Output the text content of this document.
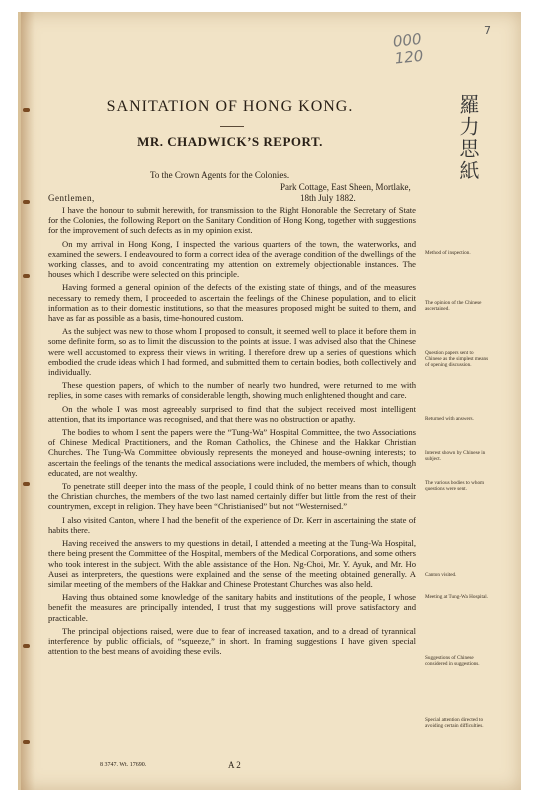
000
120
7
羅力思紙
SANITATION OF HONG KONG.
MR. CHADWICK’S REPORT.
To the Crown Agents for the Colonies.
Park Cottage, East Sheen, Mortlake,
18th July 1882.
Gentlemen,

I have the honour to submit herewith, for transmission to the Right Honorable the Secretary of State for the Colonies, the following Report on the Sanitary Condition of Hong Kong, together with suggestions for the improvement of such defects as in my opinion exist.

On my arrival in Hong Kong, I inspected the various quarters of the town, the waterworks, and examined the sewers. I endeavoured to form a correct idea of the average condition of the dwellings of the working classes, and to avoid concentrating my attention on extremely objectionable instances. The houses which I describe were selected on this principle.

Having formed a general opinion of the defects of the existing state of things, and of the measures necessary to remedy them, I proceeded to ascertain the feelings of the Chinese population, and to elicit information as to their domestic institutions, so that the measures proposed might be suited to them, and have as far as possible as a basis, time-honoured custom.

As the subject was new to those whom I proposed to consult, it seemed well to place it before them in some definite form, so as to limit the discussion to the points at issue. I was advised also that the Chinese were well accustomed to express their views in writing. I therefore drew up a series of questions which embodied the crude ideas which I had formed, and submitted them to certain bodies, both collectively and individually.

These question papers, of which to the number of nearly two hundred, were returned to me with replies, in some cases with remarks of considerable length, showing much enlightened thought and care.

On the whole I was most agreeably surprised to find that the subject received most intelligent attention, that its importance was recognised, and that there was no obstruction or apathy.

The bodies to whom I sent the papers were the “Tung-Wa” Hospital Committee, the two Associations of Chinese Medical Practitioners, and the Roman Catholics, the Chinese and the Hakkar Christian Churches. The Tung-Wa Committee obviously represents the moneyed and house-owning interests; to ascertain the feelings of the tenants the medical associations were included, the members of which, though educated, are not wealthy.

To penetrate still deeper into the mass of the people, I could think of no better means than to consult the Christian churches, the members of the two last named certainly differ but little from the rest of their countrymen, except in religion. They have been “Christianised” but not “Westernised.”

I also visited Canton, where I had the benefit of the experience of Dr. Kerr in ascertaining the state of habits there.

Having received the answers to my questions in detail, I attended a meeting at the Tung-Wa Hospital, there being present the Committee of the Hospital, members of the Medical Corporations, and some others who took interest in the subject. With the able assistance of the Hon. Ng-Choi, Mr. Y. Ayuk, and Mr. Ho Ausei as interpreters, the questions were explained and the sense of the meeting obtained generally. A similar meeting of the members of the Hakkar and Chinese Protestant Churches was also held.

Having thus obtained some knowledge of the sanitary habits and institutions of the people, I whose benefit the measures are principally intended, I trust that my suggestions will prove satisfactory and practicable.

The principal objections raised, were due to fear of increased taxation, and to a dread of tyrannical interference by public officials, of “squeeze,” in short. In framing suggestions I have given special attention to the best means of avoiding these evils.

Method of inspection.
The opinion of the Chinese ascertained.
Question papers sent to Chinese as the simplest means of opening discussion.
Returned with answers.
Interest shown by Chinese in subject.
The various bodies to whom questions were sent.
Canton visited.
Meeting at Tung-Wa Hospital.
Suggestions of Chinese considered in suggestions.
Special attention directed to avoiding certain difficulties.
8 3747. Wt. 17690.	A 2
